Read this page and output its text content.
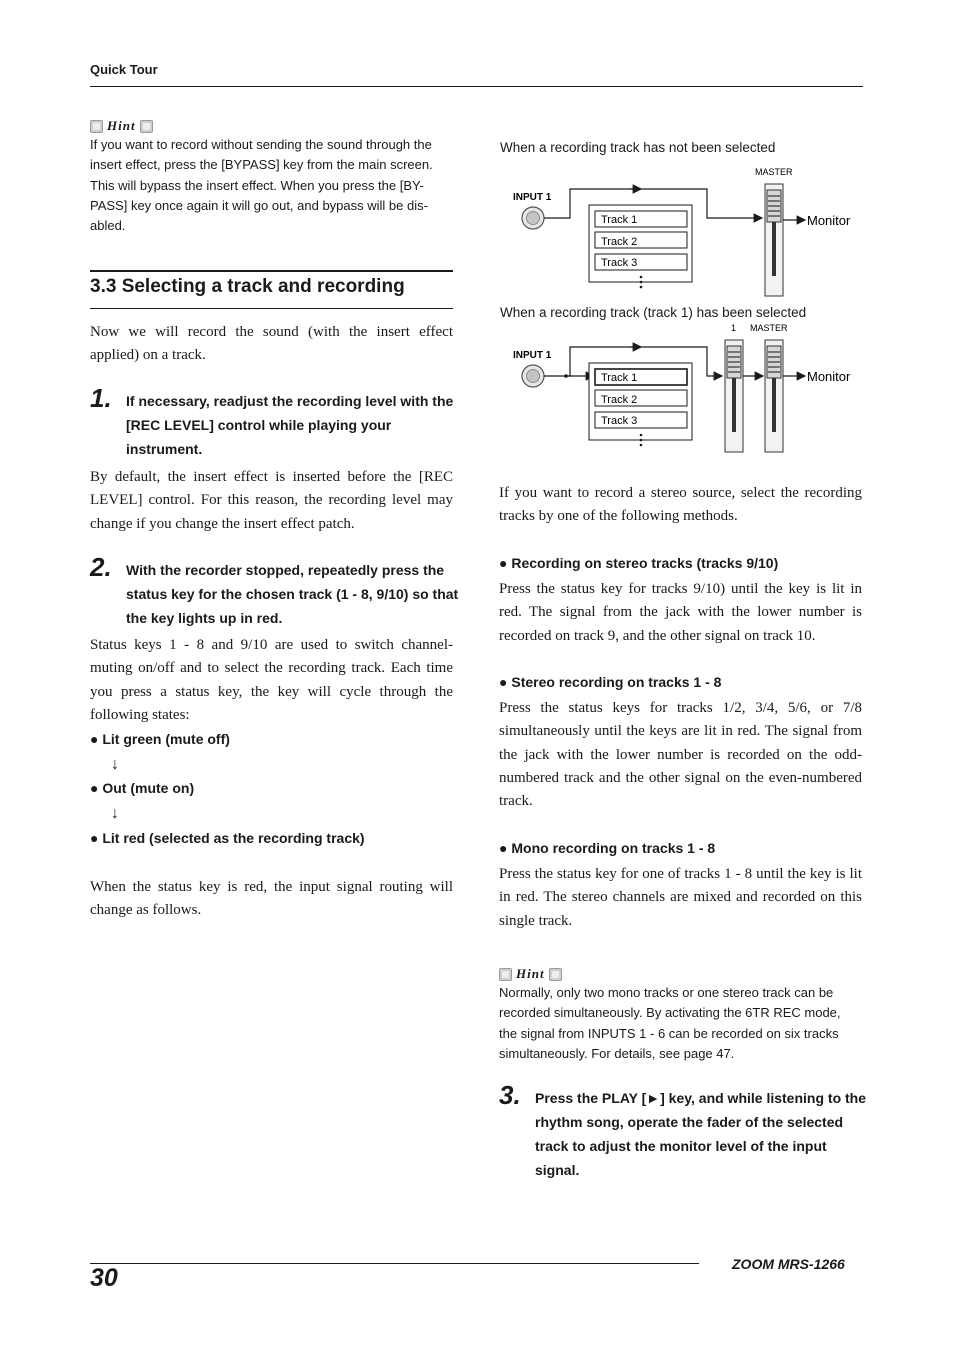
Quick Tour
Hint
If you want to record without sending the sound through the
insert effect, press the [BYPASS] key from the main screen.
This will bypass the insert effect. When you press the [BY-
PASS] key once again it will go out, and bypass will be dis-
abled.
3.3 Selecting a track and recording
Now we will record the sound (with the insert effect applied) on a track.
1. If necessary, readjust the recording level with the
[REC LEVEL] control while playing your
instrument.
By default, the insert effect is inserted before the [REC LEVEL] control. For this reason, the recording level may change if you change the insert effect patch.
2. With the recorder stopped, repeatedly press the
status key for the chosen track (1 - 8, 9/10) so that
the key lights up in red.
Status keys 1 - 8 and 9/10 are used to switch channel-muting on/off and to select the recording track. Each time you press a status key, the key will cycle through the following states:
● Lit green (mute off)
↓
● Out (mute on)
↓
● Lit red (selected as the recording track)
When the status key is red, the input signal routing will change as follows.
When a recording track has not been selected
INPUT 1
Track 1
Track 2
Track 3
MASTER
Monitor
When a recording track (track 1) has been selected
INPUT 1
Track 1
Track 2
Track 3
1 MASTER
Monitor
If you want to record a stereo source, select the recording tracks by one of the following methods.
● Recording on stereo tracks (tracks 9/10)
Press the status key for tracks 9/10) until the key is lit in red. The signal from the jack with the lower number is recorded on track 9, and the other signal on track 10.
● Stereo recording on tracks 1 - 8
Press the status keys for tracks 1/2, 3/4, 5/6, or 7/8 simultaneously until the keys are lit in red. The signal from the jack with the lower number is recorded on the odd-numbered track and the other signal on the even-numbered track.
● Mono recording on tracks 1 - 8
Press the status key for one of tracks 1 - 8 until the key is lit in red. The stereo channels are mixed and recorded on this single track.
Hint
Normally, only two mono tracks or one stereo track can be
recorded simultaneously. By activating the 6TR REC mode,
the signal from INPUTS 1 - 6 can be recorded on six tracks
simultaneously. For details, see page 47.
3. Press the PLAY [►] key, and while listening to the
rhythm song, operate the fader of the selected
track to adjust the monitor level of the input signal.
30	ZOOM MRS-1266
